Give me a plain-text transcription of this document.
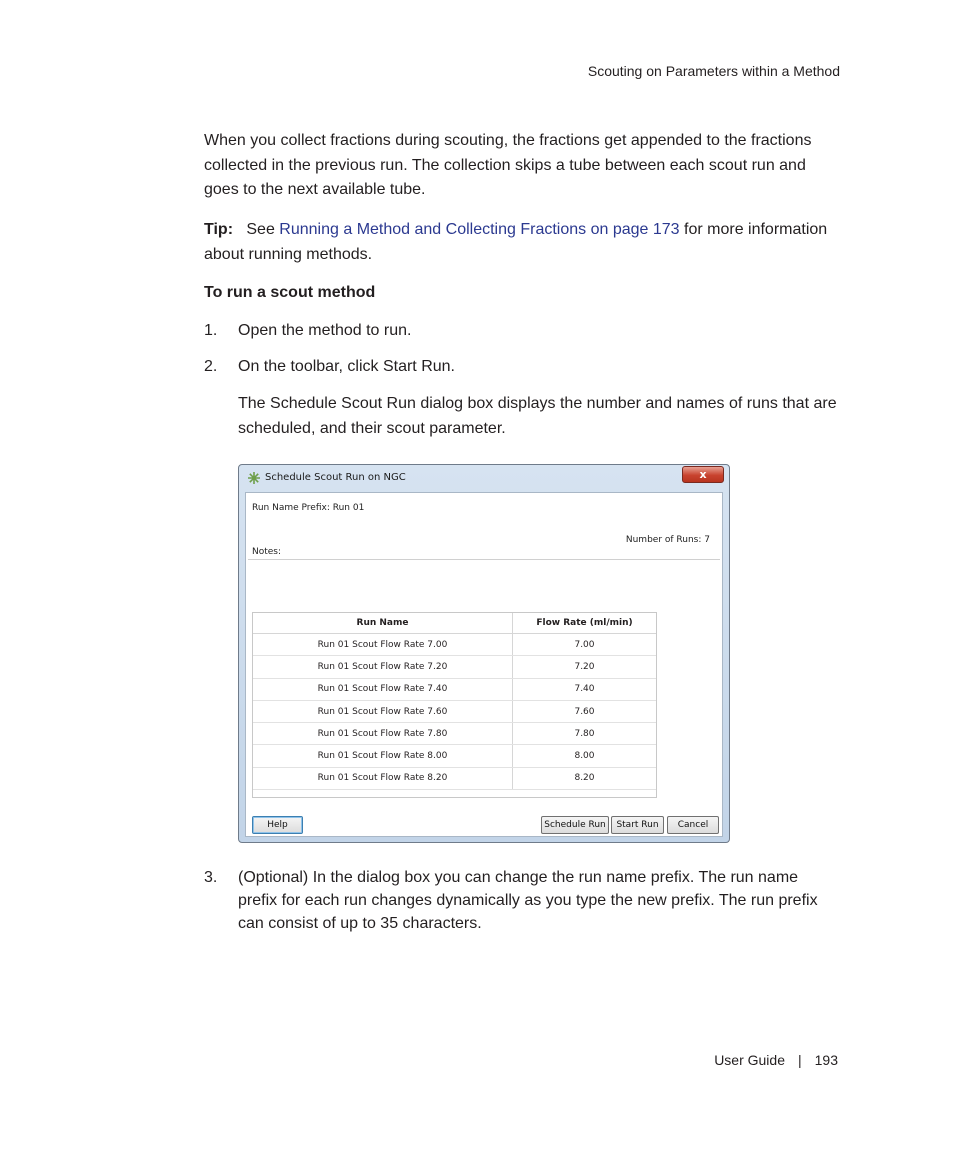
Scouting on Parameters within a Method
When you collect fractions during scouting, the fractions get appended to the fractions collected in the previous run. The collection skips a tube between each scout run and goes to the next available tube.
Tip: See Running a Method and Collecting Fractions on page 173 for more information about running methods.
To run a scout method
1. Open the method to run.
2. On the toolbar, click Start Run.
The Schedule Scout Run dialog box displays the number and names of runs that are scheduled, and their scout parameter.
Schedule Scout Run on NGC	x
Run Name Prefix: Run 01
Number of Runs: 7
Notes:
Run Name	Flow Rate (ml/min)
Run 01 Scout Flow Rate 7.00	7.00
Run 01 Scout Flow Rate 7.20	7.20
Run 01 Scout Flow Rate 7.40	7.40
Run 01 Scout Flow Rate 7.60	7.60
Run 01 Scout Flow Rate 7.80	7.80
Run 01 Scout Flow Rate 8.00	8.00
Run 01 Scout Flow Rate 8.20	8.20
Help	Schedule Run	Start Run	Cancel
3. (Optional) In the dialog box you can change the run name prefix. The run name prefix for each run changes dynamically as you type the new prefix. The run prefix can consist of up to 35 characters.
User Guide | 193
